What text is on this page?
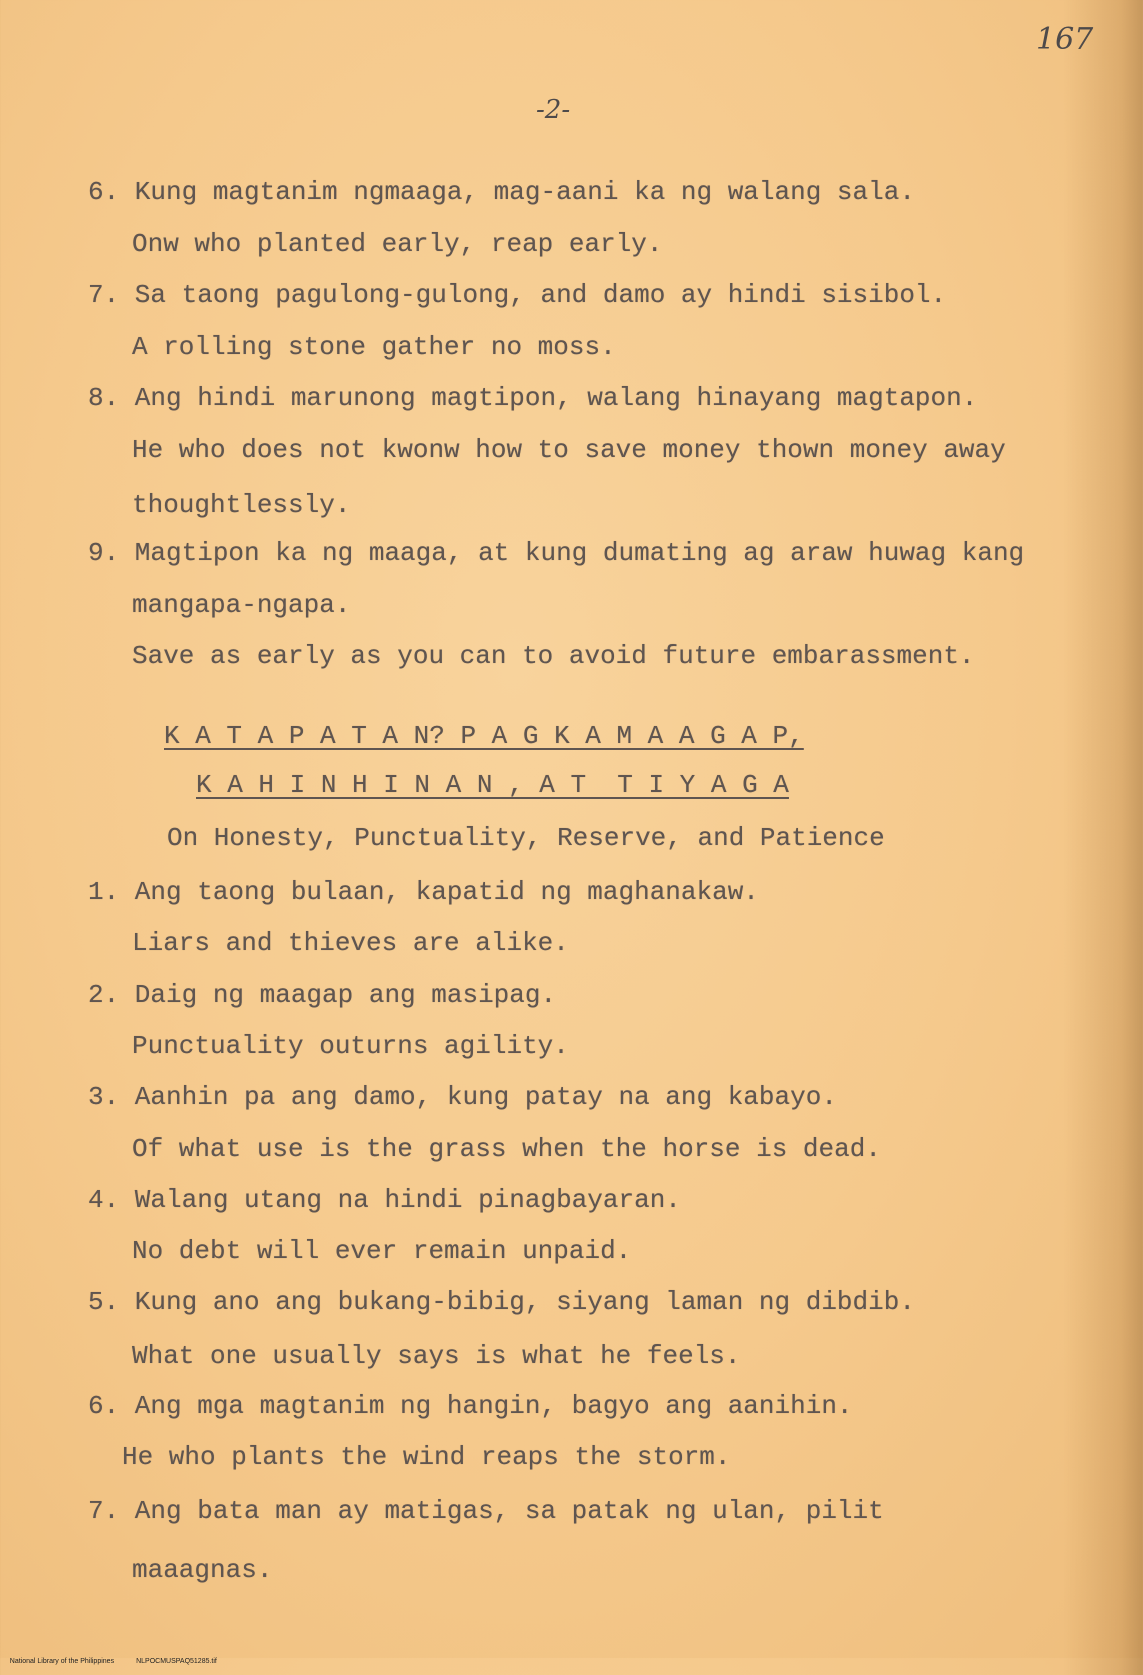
167
-2-
6. Kung magtanim ngmaaga, mag-aani ka ng walang sala.
Onw who planted early, reap early.
7. Sa taong pagulong-gulong, and damo ay hindi sisibol.
A rolling stone gather no moss.
8. Ang hindi marunong magtipon, walang hinayang magtapon.
He who does not kwonw how to save money thown money away
thoughtlessly.
9. Magtipon ka ng maaga, at kung dumating ag araw huwag kang
mangapa-ngapa.
Save as early as you can to avoid future embarassment.
K A T A P A T A N? P A G K A M A A G A P,
K A H I N H I N A N , A T  T I Y A G A
On Honesty, Punctuality, Reserve, and Patience
1. Ang taong bulaan, kapatid ng maghanakaw.
Liars and thieves are alike.
2. Daig ng maagap ang masipag.
Punctuality outurns agility.
3. Aanhin pa ang damo, kung patay na ang kabayo.
Of what use is the grass when the horse is dead.
4. Walang utang na hindi pinagbayaran.
No debt will ever remain unpaid.
5. Kung ano ang bukang-bibig, siyang laman ng dibdib.
What one usually says is what he feels.
6. Ang mga magtanim ng hangin, bagyo ang aanihin.
He who plants the wind reaps the storm.
7. Ang bata man ay matigas, sa patak ng ulan, pilit
maaagnas.

National Library of the Philippines	NLPOCMUSPAQ51285.tif
